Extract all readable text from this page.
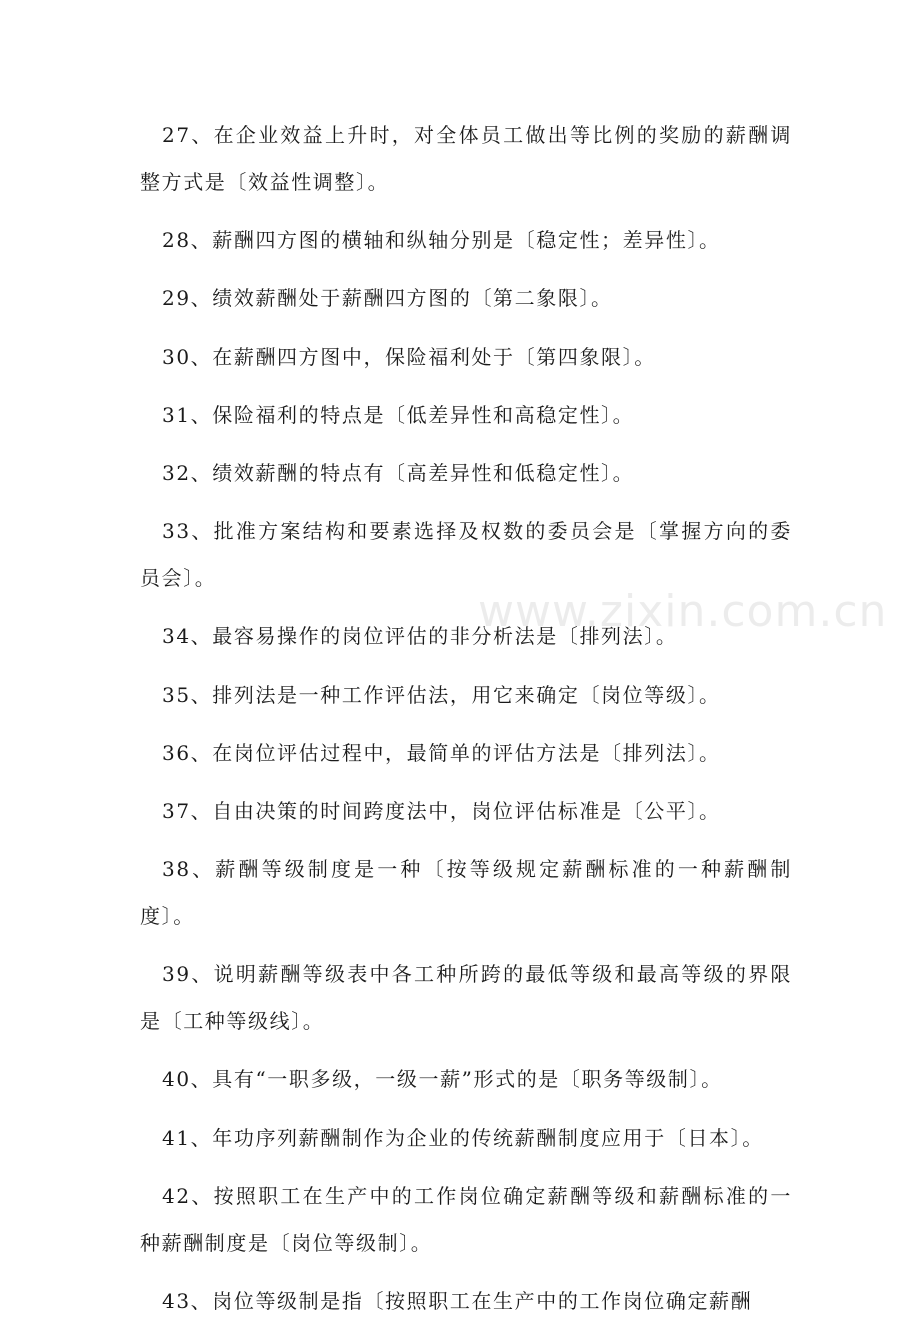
27、在企业效益上升时，对全体员工做出等比例的奖励的薪酬调整方式是〔效益性调整〕。

28、薪酬四方图的横轴和纵轴分别是〔稳定性；差异性〕。

29、绩效薪酬处于薪酬四方图的〔第二象限〕。

30、在薪酬四方图中，保险福利处于〔第四象限〕。

31、保险福利的特点是〔低差异性和高稳定性〕。

32、绩效薪酬的特点有〔高差异性和低稳定性〕。

33、批准方案结构和要素选择及权数的委员会是〔掌握方向的委员会〕。

34、最容易操作的岗位评估的非分析法是〔排列法〕。

35、排列法是一种工作评估法，用它来确定〔岗位等级〕。

36、在岗位评估过程中，最简单的评估方法是〔排列法〕。

37、自由决策的时间跨度法中，岗位评估标准是〔公平〕。

38、薪酬等级制度是一种〔按等级规定薪酬标准的一种薪酬制度〕。

39、说明薪酬等级表中各工种所跨的最低等级和最高等级的界限是〔工种等级线〕。

40、具有“一职多级，一级一薪”形式的是〔职务等级制〕。

41、年功序列薪酬制作为企业的传统薪酬制度应用于〔日本〕。

42、按照职工在生产中的工作岗位确定薪酬等级和薪酬标准的一种薪酬制度是〔岗位等级制〕。

43、岗位等级制是指〔按照职工在生产中的工作岗位确定薪酬

www.zixin.com.cn
